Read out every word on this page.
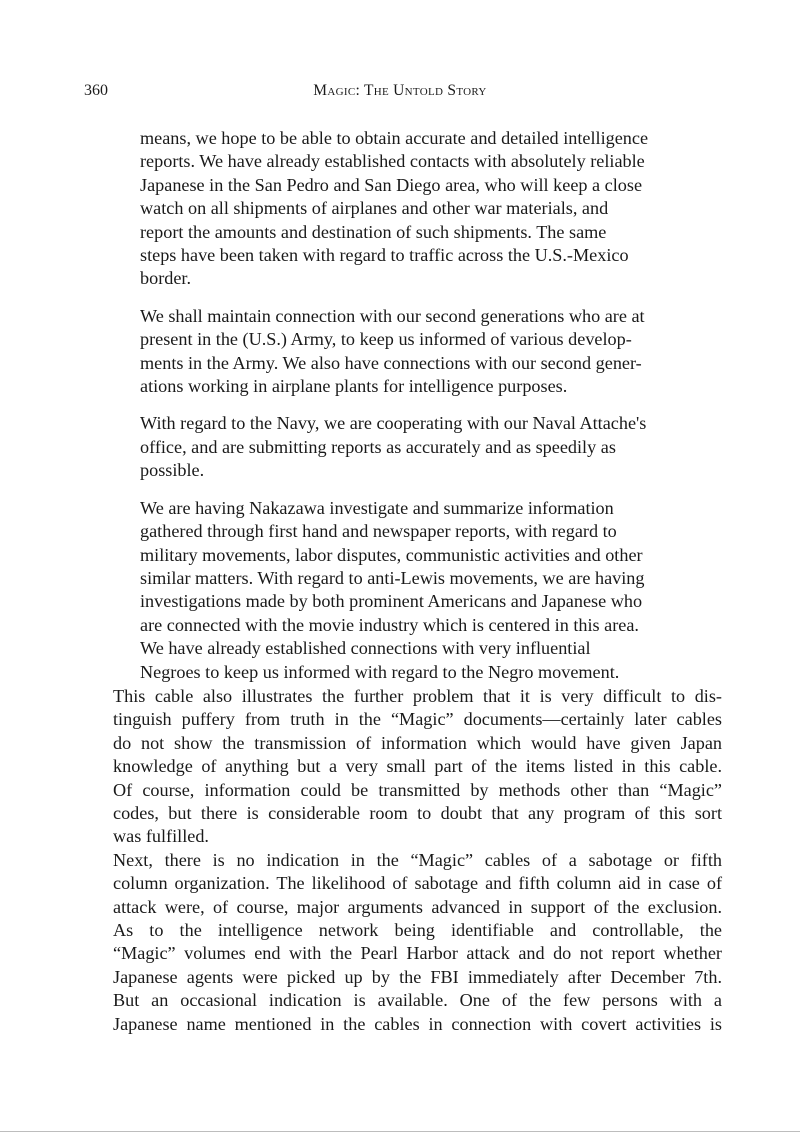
360	Magic: The Untold Story

means, we hope to be able to obtain accurate and detailed intelligence
reports. We have already established contacts with absolutely reliable
Japanese in the San Pedro and San Diego area, who will keep a close
watch on all shipments of airplanes and other war materials, and
report the amounts and destination of such shipments. The same
steps have been taken with regard to traffic across the U.S.-Mexico
border.

We shall maintain connection with our second generations who are at
present in the (U.S.) Army, to keep us informed of various develop-
ments in the Army. We also have connections with our second gener-
ations working in airplane plants for intelligence purposes.

With regard to the Navy, we are cooperating with our Naval Attache's
office, and are submitting reports as accurately and as speedily as
possible.

We are having Nakazawa investigate and summarize information
gathered through first hand and newspaper reports, with regard to
military movements, labor disputes, communistic activities and other
similar matters. With regard to anti-Lewis movements, we are having
investigations made by both prominent Americans and Japanese who
are connected with the movie industry which is centered in this area.
We have already established connections with very influential
Negroes to keep us informed with regard to the Negro movement.

This cable also illustrates the further problem that it is very difficult to dis-
tinguish puffery from truth in the “Magic” documents—certainly later cables
do not show the transmission of information which would have given Japan
knowledge of anything but a very small part of the items listed in this cable.
Of course, information could be transmitted by methods other than “Magic”
codes, but there is considerable room to doubt that any program of this sort
was fulfilled.

Next, there is no indication in the “Magic” cables of a sabotage or fifth
column organization. The likelihood of sabotage and fifth column aid in case of
attack were, of course, major arguments advanced in support of the exclusion.

As to the intelligence network being identifiable and controllable, the
“Magic” volumes end with the Pearl Harbor attack and do not report whether
Japanese agents were picked up by the FBI immediately after December 7th.
But an occasional indication is available. One of the few persons with a
Japanese name mentioned in the cables in connection with covert activities is
